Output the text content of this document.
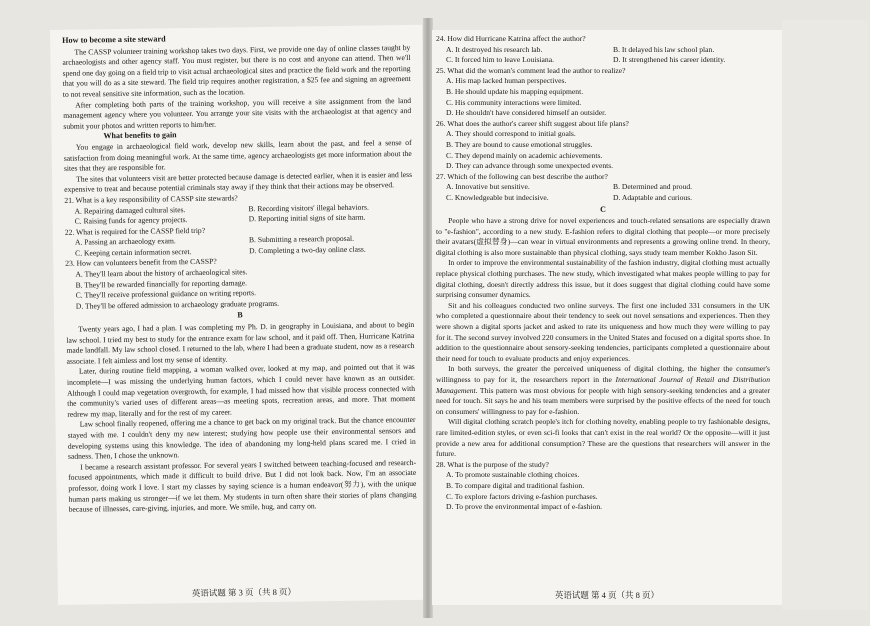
How to become a site steward

The CASSP volunteer training workshop takes two days. First, we provide one day of online classes taught by archaeologists and other agency staff. You must register, but there is no cost and anyone can attend. Then we'll spend one day going on a field trip to visit actual archaeological sites and practice the field work and the reporting that you will do as a site steward. The field trip requires another registration, a $25 fee and signing an agreement to not reveal sensitive site information, such as the location.

After completing both parts of the training workshop, you will receive a site assignment from the land management agency where you volunteer. You arrange your site visits with the archaeologist at that agency and submit your photos and written reports to him/her.

What benefits to gain

You engage in archaeological field work, develop new skills, learn about the past, and feel a sense of satisfaction from doing meaningful work. At the same time, agency archaeologists get more information about the sites that they are responsible for.

The sites that volunteers visit are better protected because damage is detected earlier, when it is easier and less expensive to treat and because potential criminals stay away if they think that their actions may be observed.

21. What is a key responsibility of CASSP site stewards?
A. Repairing damaged cultural sites.	B. Recording visitors' illegal behaviors.
C. Raising funds for agency projects.	D. Reporting initial signs of site harm.
22. What is required for the CASSP field trip?
A. Passing an archaeology exam.	B. Submitting a research proposal.
C. Keeping certain information secret.	D. Completing a two-day online class.
23. How can volunteers benefit from the CASSP?
A. They'll learn about the history of archaeological sites.
B. They'll be rewarded financially for reporting damage.
C. They'll receive professional guidance on writing reports.
D. They'll be offered admission to archaeology graduate programs.
B

Twenty years ago, I had a plan. I was completing my Ph. D. in geography in Louisiana, and about to begin law school. I tried my best to study for the entrance exam for law school, and it paid off. Then, Hurricane Katrina made landfall. My law school closed. I returned to the lab, where I had been a graduate student, now as a research associate. I felt aimless and lost my sense of identity.

Later, during routine field mapping, a woman walked over, looked at my map, and pointed out that it was incomplete—I was missing the underlying human factors, which I could never have known as an outsider. Although I could map vegetation overgrowth, for example, I had missed how that visible process connected with the community's varied uses of different areas—as meeting spots, recreation areas, and more. That moment redrew my map, literally and for the rest of my career.

Law school finally reopened, offering me a chance to get back on my original track. But the chance encounter stayed with me. I couldn't deny my new interest; studying how people use their environmental sensors and developing systems using this knowledge. The idea of abandoning my long-held plans scared me. I cried in sadness. Then, I chose the unknown.

I became a research assistant professor. For several years I switched between teaching-focused and research-focused appointments, which made it difficult to build drive. But I did not look back. Now, I'm an associate professor, doing work I love. I start my classes by saying science is a human endeavor(努力), with the unique human parts making us stronger—if we let them. My students in turn often share their stories of plans changing because of illnesses, care-giving, injuries, and more. We smile, hug, and carry on.

英语试题 第 3 页（共 8 页）
24. How did Hurricane Katrina affect the author?
A. It destroyed his research lab.	B. It delayed his law school plan.
C. It forced him to leave Louisiana.	D. It strengthened his career identity.
25. What did the woman's comment lead the author to realize?
A. His map lacked human perspectives.
B. He should update his mapping equipment.
C. His community interactions were limited.
D. He shouldn't have considered himself an outsider.
26. What does the author's career shift suggest about life plans?
A. They should correspond to initial goals.
B. They are bound to cause emotional struggles.
C. They depend mainly on academic achievements.
D. They can advance through some unexpected events.
27. Which of the following can best describe the author?
A. Innovative but sensitive.	B. Determined and proud.
C. Knowledgeable but indecisive.	D. Adaptable and curious.
C

People who have a strong drive for novel experiences and touch-related sensations are especially drawn to "e-fashion", according to a new study. E-fashion refers to digital clothing that people—or more precisely their avatars(虚拟替身)—can wear in virtual environments and represents a growing online trend. In theory, digital clothing is also more sustainable than physical clothing, says study team member Kokho Jason Sit.

In order to improve the environmental sustainability of the fashion industry, digital clothing must actually replace physical clothing purchases. The new study, which investigated what makes people willing to pay for digital clothing, doesn't directly address this issue, but it does suggest that digital clothing could have some surprising consumer dynamics.

Sit and his colleagues conducted two online surveys. The first one included 331 consumers in the UK who completed a questionnaire about their tendency to seek out novel sensations and experiences. Then they were shown a digital sports jacket and asked to rate its uniqueness and how much they were willing to pay for it. The second survey involved 220 consumers in the United States and focused on a digital sports shoe. In addition to the questionnaire about sensory-seeking tendencies, participants completed a questionnaire about their need for touch to evaluate products and enjoy experiences.

In both surveys, the greater the perceived uniqueness of digital clothing, the higher the consumer's willingness to pay for it, the researchers report in the International Journal of Retail and Distribution Management. This pattern was most obvious for people with high sensory-seeking tendencies and a greater need for touch. Sit says he and his team members were surprised by the positive effects of the need for touch on consumers' willingness to pay for e-fashion.

Will digital clothing scratch people's itch for clothing novelty, enabling people to try fashionable designs, rare limited-edition styles, or even sci-fi looks that can't exist in the real world? Or the opposite—will it just provide a new area for additional consumption? These are the questions that researchers will answer in the future.

28. What is the purpose of the study?
A. To promote sustainable clothing choices.
B. To compare digital and traditional fashion.
C. To explore factors driving e-fashion purchases.
D. To prove the environmental impact of e-fashion.
英语试题 第 4 页（共 8 页）
